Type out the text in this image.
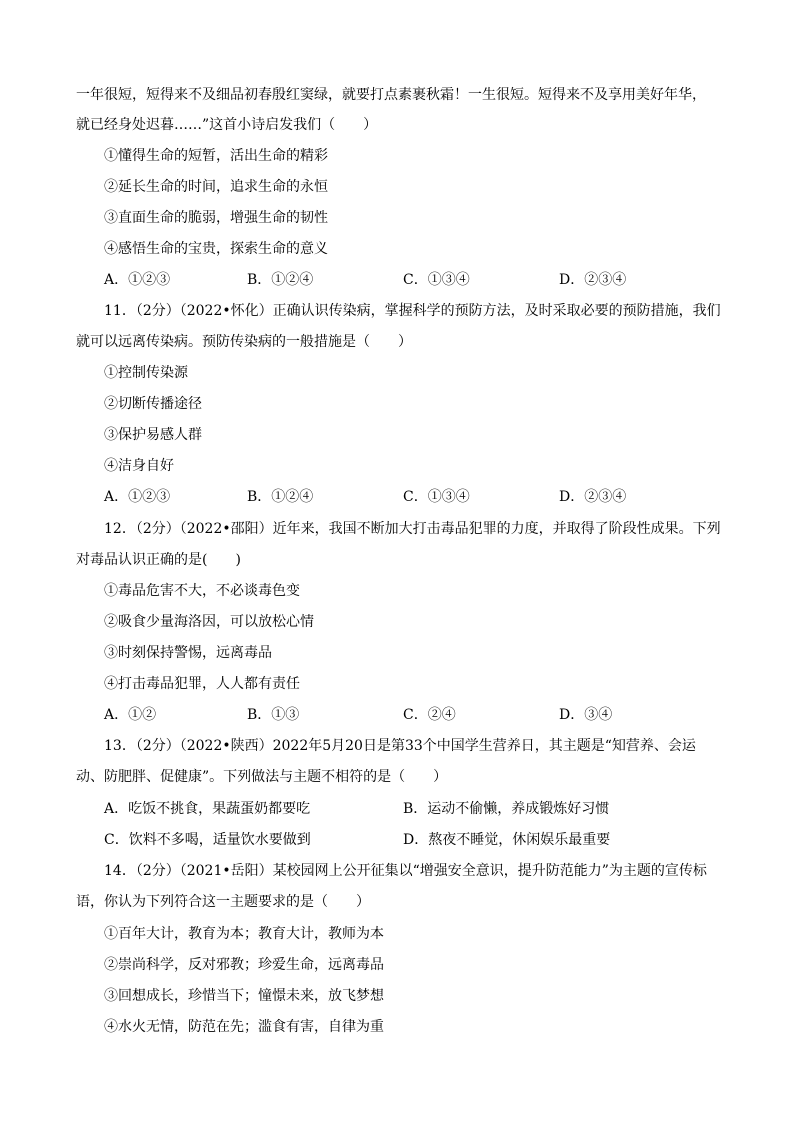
一年很短，短得来不及细品初春殷红窦绿，就要打点素裹秋霜！一生很短。短得来不及享用美好年华，
就已经身处迟暮……”这首小诗启发我们（　　）
①懂得生命的短暂，活出生命的精彩
②延长生命的时间，追求生命的永恒
③直面生命的脆弱，增强生命的韧性
④感悟生命的宝贵，探索生命的意义
A．①②③	B．①②④	C．①③④	D．②③④
11．（2分）（2022•怀化）正确认识传染病，掌握科学的预防方法，及时采取必要的预防措施，我们
就可以远离传染病。预防传染病的一般措施是（　　）
①控制传染源
②切断传播途径
③保护易感人群
④洁身自好
A．①②③	B．①②④	C．①③④	D．②③④
12．（2分）（2022•邵阳）近年来，我国不断加大打击毒品犯罪的力度，并取得了阶段性成果。下列
对毒品认识正确的是(　　)
①毒品危害不大，不必谈毒色变
②吸食少量海洛因，可以放松心情
③时刻保持警惕，远离毒品
④打击毒品犯罪，人人都有责任
A．①②	B．①③	C．②④	D．③④
13．（2分）（2022•陕西）2022年5月20日是第33个中国学生营养日，其主题是“知营养、会运
动、防肥胖、促健康”。下列做法与主题不相符的是（　　）
A．吃饭不挑食，果蔬蛋奶都要吃	B．运动不偷懒，养成锻炼好习惯
C．饮料不多喝，适量饮水要做到	D．熬夜不睡觉，休闲娱乐最重要
14．（2分）（2021•岳阳）某校园网上公开征集以“增强安全意识，提升防范能力”为主题的宣传标
语，你认为下列符合这一主题要求的是（　　）
①百年大计，教育为本；教育大计，教师为本
②崇尚科学，反对邪教；珍爱生命，远离毒品
③回想成长，珍惜当下；憧憬未来，放飞梦想
④水火无情，防范在先；滥食有害，自律为重
